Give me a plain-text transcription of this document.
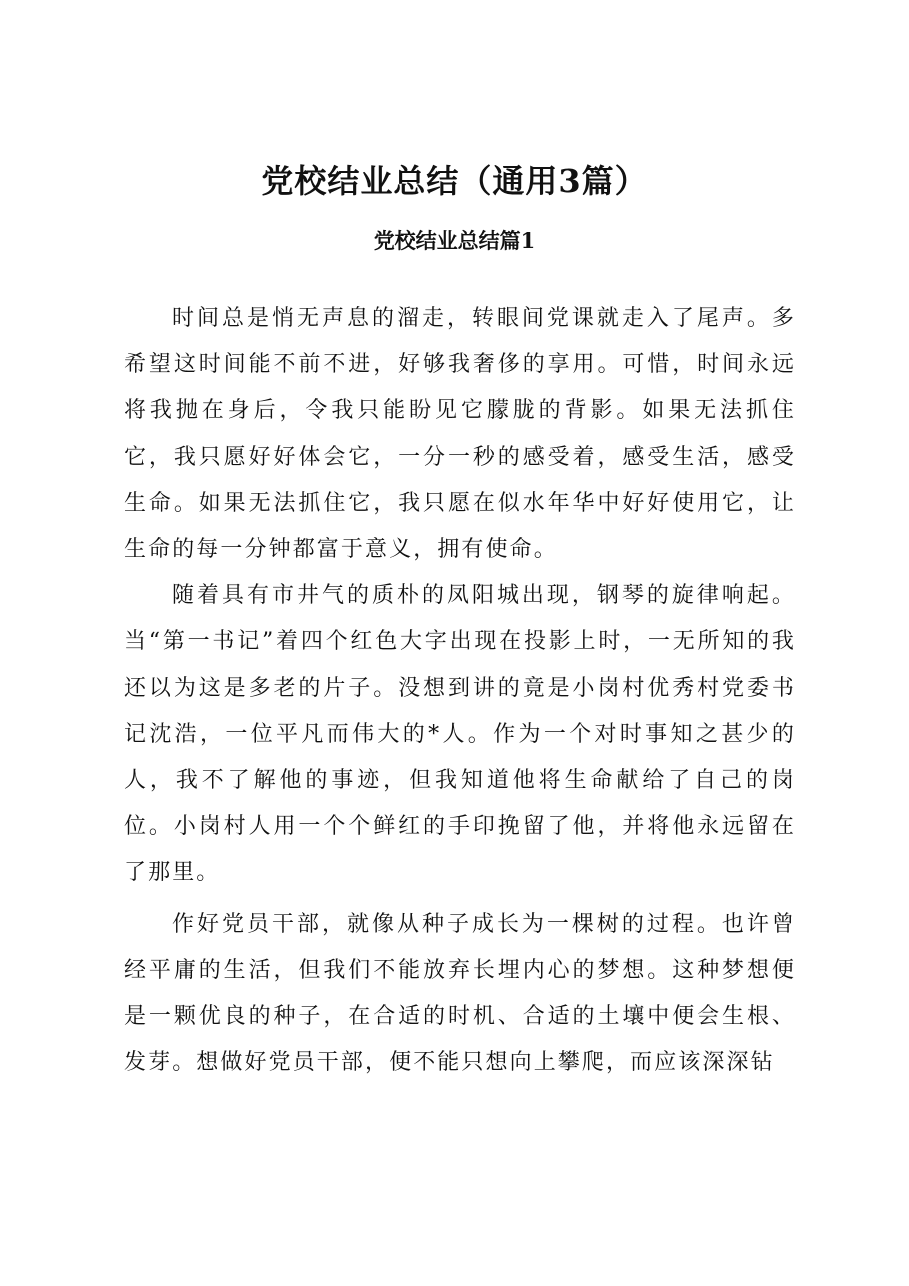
党校结业总结（通用3篇）
党校结业总结篇1

时间总是悄无声息的溜走，转眼间党课就走入了尾声。多希望这时间能不前不进，好够我奢侈的享用。可惜，时间永远将我抛在身后，令我只能盼见它朦胧的背影。如果无法抓住它，我只愿好好体会它，一分一秒的感受着，感受生活，感受生命。如果无法抓住它，我只愿在似水年华中好好使用它，让生命的每一分钟都富于意义，拥有使命。

随着具有市井气的质朴的凤阳城出现，钢琴的旋律响起。当“第一书记”着四个红色大字出现在投影上时，一无所知的我还以为这是多老的片子。没想到讲的竟是小岗村优秀村党委书记沈浩，一位平凡而伟大的*人。作为一个对时事知之甚少的人，我不了解他的事迹，但我知道他将生命献给了自己的岗位。小岗村人用一个个鲜红的手印挽留了他，并将他永远留在了那里。

作好党员干部，就像从种子成长为一棵树的过程。也许曾经平庸的生活，但我们不能放弃长埋内心的梦想。这种梦想便是一颗优良的种子，在合适的时机、合适的土壤中便会生根、发芽。想做好党员干部，便不能只想向上攀爬，而应该深深钻
